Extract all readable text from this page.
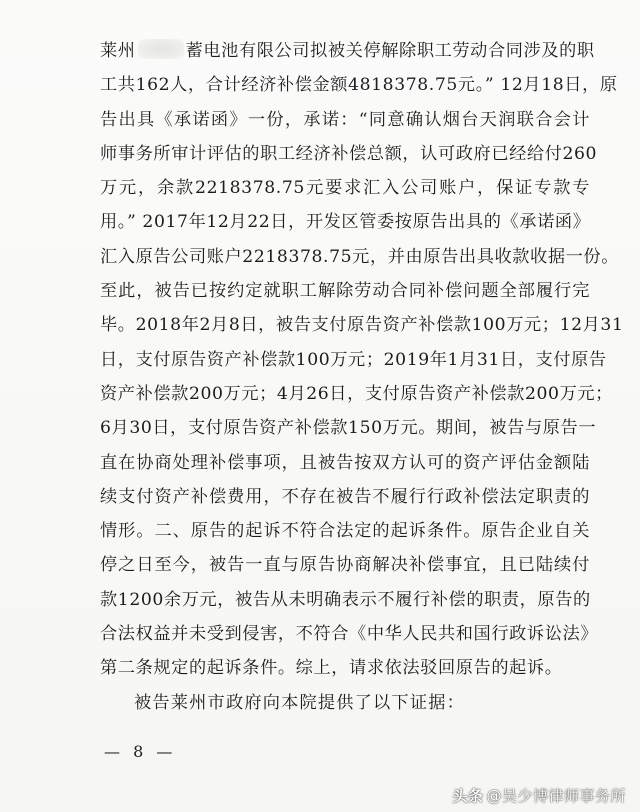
莱州	蓄电池有限公司拟被关停解除职工劳动合同涉及的职
工共162人，合计经济补偿金额4818378.75元。” 12月18日，原
告出具《承诺函》一份，承诺：“同意确认烟台天润联合会计
师事务所审计评估的职工经济补偿总额，认可政府已经给付260
万元，余款2218378.75元要求汇入公司账户，保证专款专
用。” 2017年12月22日，开发区管委按原告出具的《承诺函》
汇入原告公司账户2218378.75元，并由原告出具收款收据一份。
至此，被告已按约定就职工解除劳动合同补偿问题全部履行完
毕。2018年2月8日，被告支付原告资产补偿款100万元；12月31
日，支付原告资产补偿款100万元；2019年1月31日，支付原告
资产补偿款200万元；4月26日，支付原告资产补偿款200万元；
6月30日，支付原告资产补偿款150万元。期间，被告与原告一
直在协商处理补偿事项，且被告按双方认可的资产评估金额陆
续支付资产补偿费用，不存在被告不履行行政补偿法定职责的
情形。二、原告的起诉不符合法定的起诉条件。原告企业自关
停之日至今，被告一直与原告协商解决补偿事宜，且已陆续付
款1200余万元，被告从未明确表示不履行补偿的职责，原告的
合法权益并未受到侵害，不符合《中华人民共和国行政诉讼法》
第二条规定的起诉条件。综上，请求依法驳回原告的起诉。
被告莱州市政府向本院提供了以下证据：
— 8 —
头条 @吴少博律师事务所
